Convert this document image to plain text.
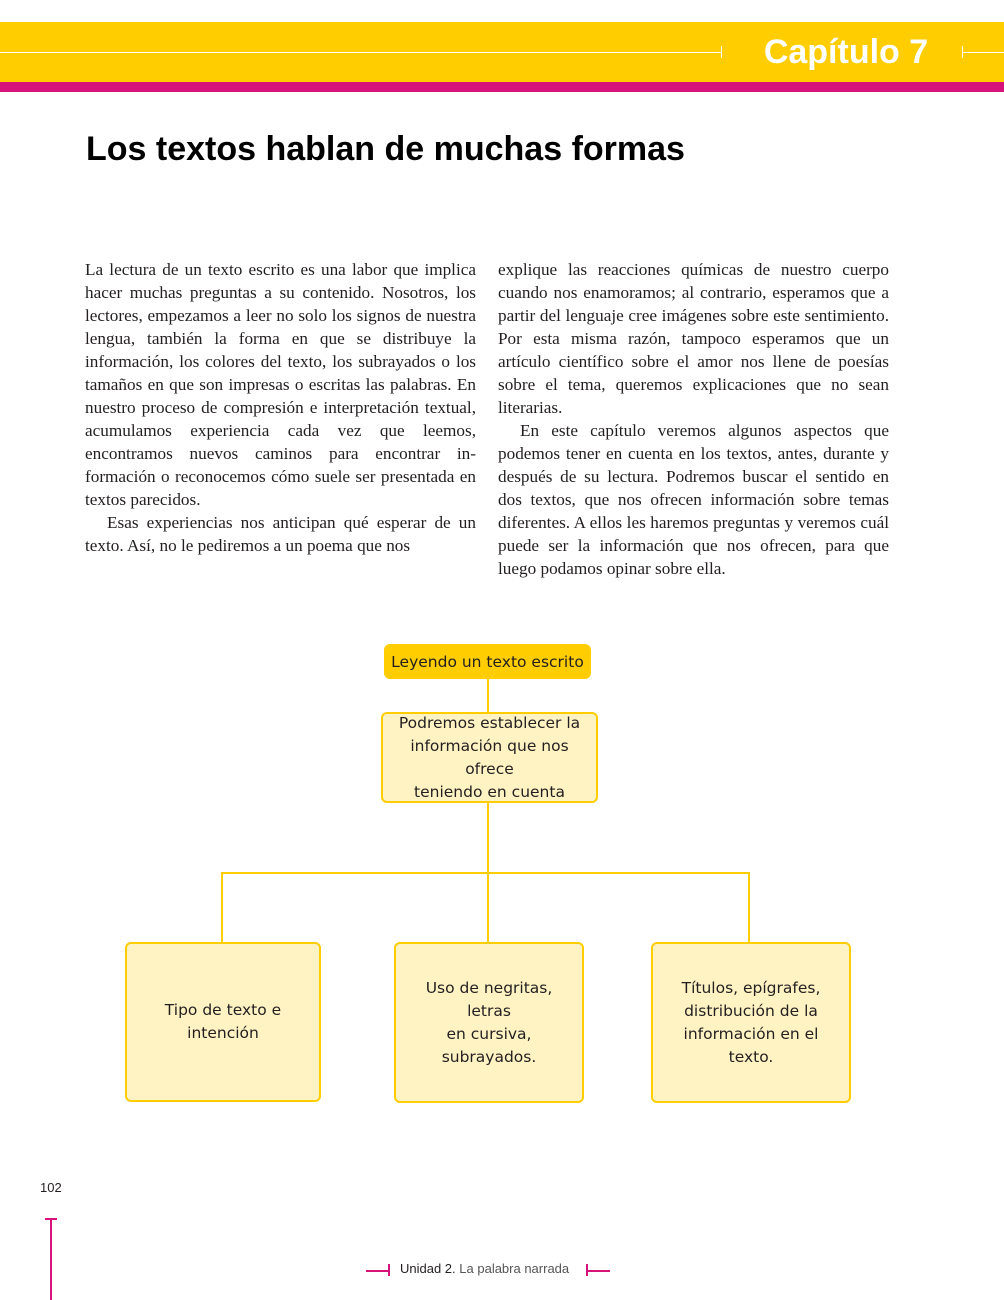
Capítulo 7
Los textos hablan de muchas formas

La lectura de un texto escrito es una labor que implica hacer muchas preguntas a su contenido. Nosotros, los lectores, empezamos a leer no solo los signos de nuestra lengua, también la forma en que se distribuye la información, los colores del texto, los subrayados o los tamaños en que son impresas o escritas las palabras. En nuestro proceso de compresión e interpretación textual, acumulamos experiencia cada vez que leemos, encontramos nuevos caminos para encontrar información o reconocemos cómo suele ser presentada en textos parecidos.

Esas experiencias nos anticipan qué esperar de un texto. Así, no le pediremos a un poema que nos

explique las reacciones químicas de nuestro cuerpo cuando nos enamoramos; al contrario, esperamos que a partir del lenguaje cree imágenes sobre este sentimiento. Por esta misma razón, tampoco esperamos que un artículo científico sobre el amor nos llene de poesías sobre el tema, queremos explicaciones que no sean literarias.

En este capítulo veremos algunos aspectos que podemos tener en cuenta en los textos, antes, durante y después de su lectura. Podremos buscar el sentido en dos textos, que nos ofrecen información sobre temas diferentes. A ellos les haremos preguntas y veremos cuál puede ser la información que nos ofrecen, para que luego podamos opinar sobre ella.

Leyendo un texto escrito
Podremos establecer la
información que nos ofrece
teniendo en cuenta
Tipo de texto e intención
Uso de negritas, letras
en cursiva, subrayados.
Títulos, epígrafes,
distribución de la
información en el texto.
102
Unidad 2. La palabra narrada
